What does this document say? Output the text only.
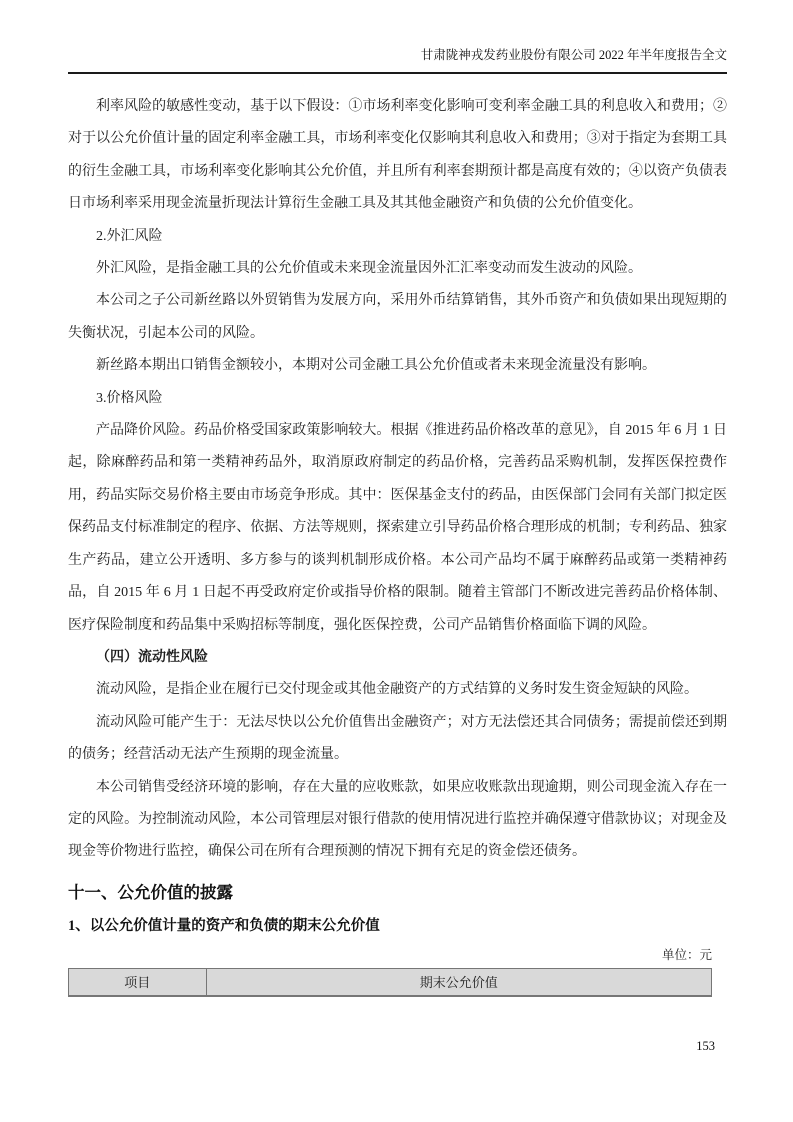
甘肃陇神戎发药业股份有限公司 2022 年半年度报告全文

利率风险的敏感性变动，基于以下假设：①市场利率变化影响可变利率金融工具的利息收入和费用；②对于以公允价值计量的固定利率金融工具，市场利率变化仅影响其利息收入和费用；③对于指定为套期工具的衍生金融工具，市场利率变化影响其公允价值，并且所有利率套期预计都是高度有效的；④以资产负债表日市场利率采用现金流量折现法计算衍生金融工具及其其他金融资产和负债的公允价值变化。

2.外汇风险

外汇风险，是指金融工具的公允价值或未来现金流量因外汇汇率变动而发生波动的风险。

本公司之子公司新丝路以外贸销售为发展方向，采用外币结算销售，其外币资产和负债如果出现短期的失衡状况，引起本公司的风险。

新丝路本期出口销售金额较小，本期对公司金融工具公允价值或者未来现金流量没有影响。

3.价格风险

产品降价风险。药品价格受国家政策影响较大。根据《推进药品价格改革的意见》，自 2015 年 6 月 1 日起，除麻醉药品和第一类精神药品外，取消原政府制定的药品价格，完善药品采购机制，发挥医保控费作用，药品实际交易价格主要由市场竞争形成。其中：医保基金支付的药品，由医保部门会同有关部门拟定医保药品支付标准制定的程序、依据、方法等规则，探索建立引导药品价格合理形成的机制；专利药品、独家生产药品，建立公开透明、多方参与的谈判机制形成价格。本公司产品均不属于麻醉药品或第一类精神药品，自 2015 年 6 月 1 日起不再受政府定价或指导价格的限制。随着主管部门不断改进完善药品价格体制、医疗保险制度和药品集中采购招标等制度，强化医保控费，公司产品销售价格面临下调的风险。

（四）流动性风险

流动风险，是指企业在履行已交付现金或其他金融资产的方式结算的义务时发生资金短缺的风险。

流动风险可能产生于：无法尽快以公允价值售出金融资产；对方无法偿还其合同债务；需提前偿还到期的债务；经营活动无法产生预期的现金流量。

本公司销售受经济环境的影响，存在大量的应收账款，如果应收账款出现逾期，则公司现金流入存在一定的风险。为控制流动风险，本公司管理层对银行借款的使用情况进行监控并确保遵守借款协议；对现金及现金等价物进行监控，确保公司在所有合理预测的情况下拥有充足的资金偿还债务。

十一、公允价值的披露
1、以公允价值计量的资产和负债的期末公允价值
单位：元
项目	期末公允价值
153
